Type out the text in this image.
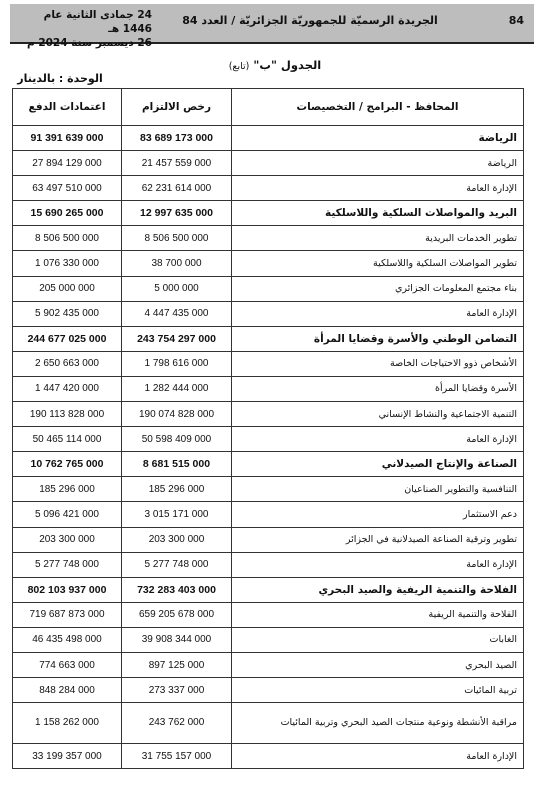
24 جمادى الثانية عام 1446 هـ
26 ديسمبر سنة 2024 م
الجريدة الرسميّة للجمهوريّة الجزائريّة / العدد 84	84
الجدول "ب" (تابع)
الوحدة : بالدينار
اعتمادات الدفع	رخص الالتزام	المحافظ - البرامج / التخصيصات
91 391 639 000	83 689 173 000	الرياضة
27 894 129 000	21 457 559 000	الرياضة
63 497 510 000	62 231 614 000	الإدارة العامة
15 690 265 000	12 997 635 000	البريد والمواصلات السلكية واللاسلكية
8 506 500 000	8 506 500 000	تطوير الخدمات البريدية
1 076 330 000	38 700 000	تطوير المواصلات السلكية واللاسلكية
205 000 000	5 000 000	بناء مجتمع المعلومات الجزائري
5 902 435 000	4 447 435 000	الإدارة العامة
244 677 025 000	243 754 297 000	التضامن الوطني والأسرة وقضايا المرأة
2 650 663 000	1 798 616 000	الأشخاص ذوو الاحتياجات الخاصة
1 447 420 000	1 282 444 000	الأسرة وقضايا المرأة
190 113 828 000	190 074 828 000	التنمية الاجتماعية والنشاط الإنساني
50 465 114 000	50 598 409 000	الإدارة العامة
10 762 765 000	8 681 515 000	الصناعة والإنتاج الصيدلاني
185 296 000	185 296 000	التنافسية والتطوير الصناعيان
5 096 421 000	3 015 171 000	دعم الاستثمار
203 300 000	203 300 000	تطوير وترقية الصناعة الصيدلانية في الجزائر
5 277 748 000	5 277 748 000	الإدارة العامة
802 103 937 000	732 283 403 000	الفلاحة والتنمية الريفية والصيد البحري
719 687 873 000	659 205 678 000	الفلاحة والتنمية الريفية
46 435 498 000	39 908 344 000	الغابات
774 663 000	897 125 000	الصيد البحري
848 284 000	273 337 000	تربية المائيات
1 158 262 000	243 762 000	مراقبة الأنشطة ونوعية منتجات الصيد البحري وتربية المائيات
33 199 357 000	31 755 157 000	الإدارة العامة
